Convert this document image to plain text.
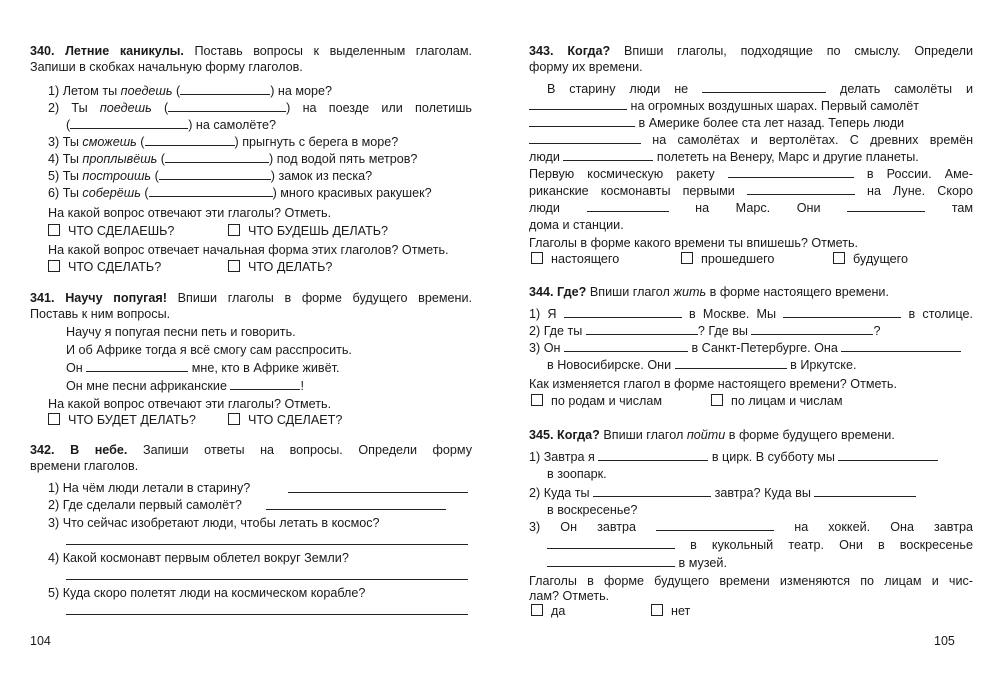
340. Летние каникулы. Поставь вопросы к выделенным глаголам.
Запиши в скобках начальную форму глаголов.
1) Летом ты поедешь (	) на море?
2) Ты поедешь (	) на поезде или полетишь
(	) на самолёте?
3) Ты сможешь (	) прыгнуть с берега в море?
4) Ты проплывёшь (	) под водой пять метров?
5) Ты построишь (	) замок из песка?
6) Ты соберёшь (	) много красивых ракушек?
На какой вопрос отвечают эти глаголы? Отметь.
ЧТО СДЕЛАЕШЬ?	ЧТО БУДЕШЬ ДЕЛАТЬ?
На какой вопрос отвечает начальная форма этих глаголов? Отметь.
ЧТО СДЕЛАТЬ?	ЧТО ДЕЛАТЬ?
341. Научу попугая! Впиши глаголы в форме будущего времени.
Поставь к ним вопросы.
Научу я попугая песни петь и говорить.
И об Африке тогда я всё смогу сам расспросить.
Он	мне, кто в Африке живёт.
Он мне песни африканские	!
На какой вопрос отвечают эти глаголы? Отметь.
ЧТО БУДЕТ ДЕЛАТЬ?	ЧТО СДЕЛАЕТ?
342. В небе. Запиши ответы на вопросы. Определи форму
времени глаголов.
1) На чём люди летали в старину?
2) Где сделали первый самолёт?
3) Что сейчас изобретают люди, чтобы летать в космос?
4) Какой космонавт первым облетел вокруг Земли?
5) Куда скоро полетят люди на космическом корабле?
104
343. Когда? Впиши глаголы, подходящие по смыслу. Определи
форму их времени.
В старину люди не	делать самолёты и
на огромных воздушных шарах. Первый самолёт
в Америке более ста лет назад. Теперь люди
на самолётах и вертолётах. С древних времён
люди	полететь на Венеру, Марс и другие планеты.
Первую космическую ракету	в России. Аме-
риканские космонавты первыми	на Луне. Скоро
люди	на Марс. Они	там
дома и станции.
Глаголы в форме какого времени ты впишешь? Отметь.
настоящего	прошедшего	будущего
344. Где? Впиши глагол жить в форме настоящего времени.
1) Я	в Москве. Мы	в столице.
2) Где ты	? Где вы	?
3) Он	в Санкт-Петербурге. Она
в Новосибирске. Они	в Иркутске.
Как изменяется глагол в форме настоящего времени? Отметь.
по родам и числам	по лицам и числам
345. Когда? Впиши глагол пойти в форме будущего времени.
1) Завтра я	в цирк. В субботу мы
в зоопарк.
2) Куда ты	завтра? Куда вы
в воскресенье?
3) Он завтра	на хоккей. Она завтра
в кукольный театр. Они в воскресенье
в музей.
Глаголы в форме будущего времени изменяются по лицам и чис-
лам? Отметь.
да	нет
105
